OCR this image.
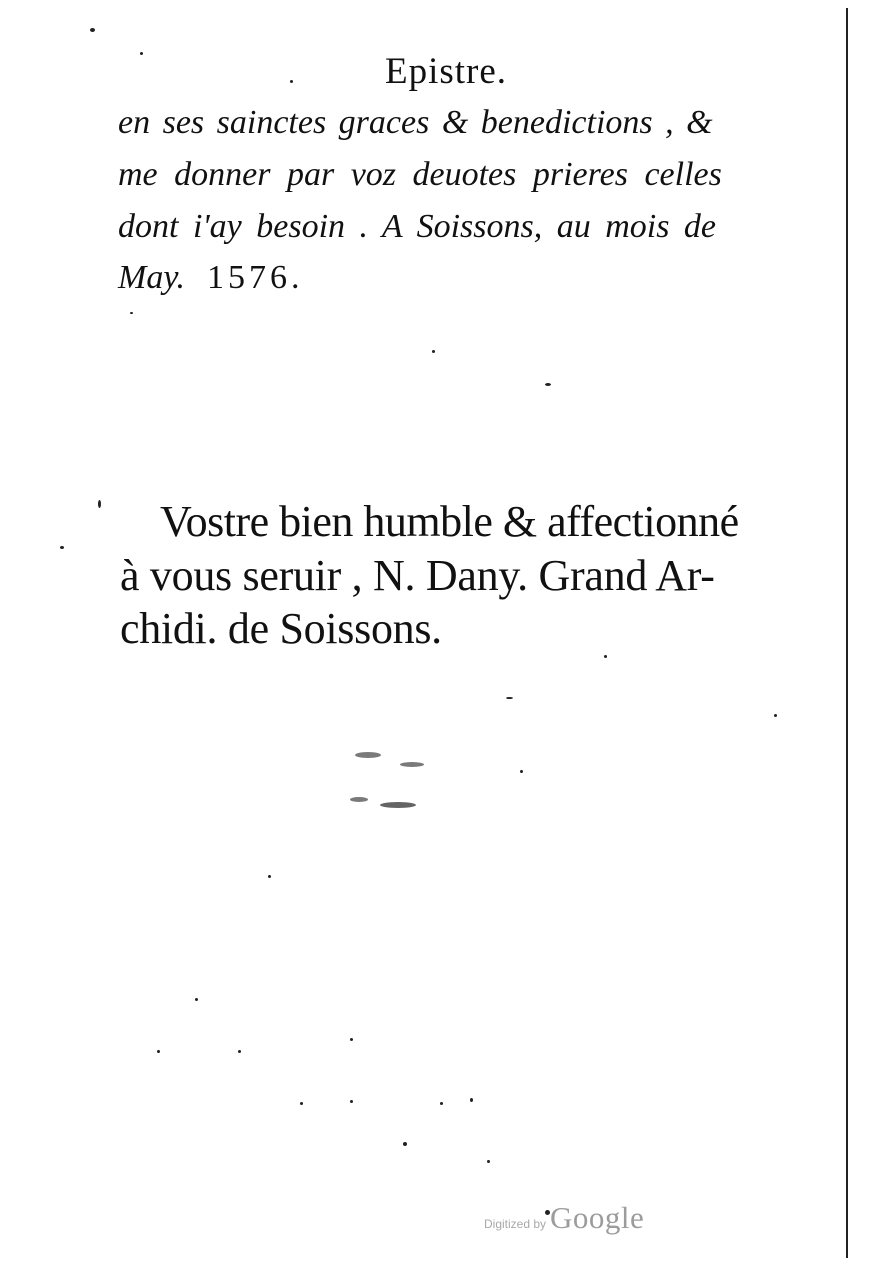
Epistre.
en ses sainctes graces & benedictions , &
me donner par voz deuotes prieres celles
dont i'ay besoin . A Soissons, au mois de
May. 1576.
Vostre bien humble & affectionné
à vous seruir , N. Dany. Grand Ar-
chidi. de Soissons.
Digitized by Google
